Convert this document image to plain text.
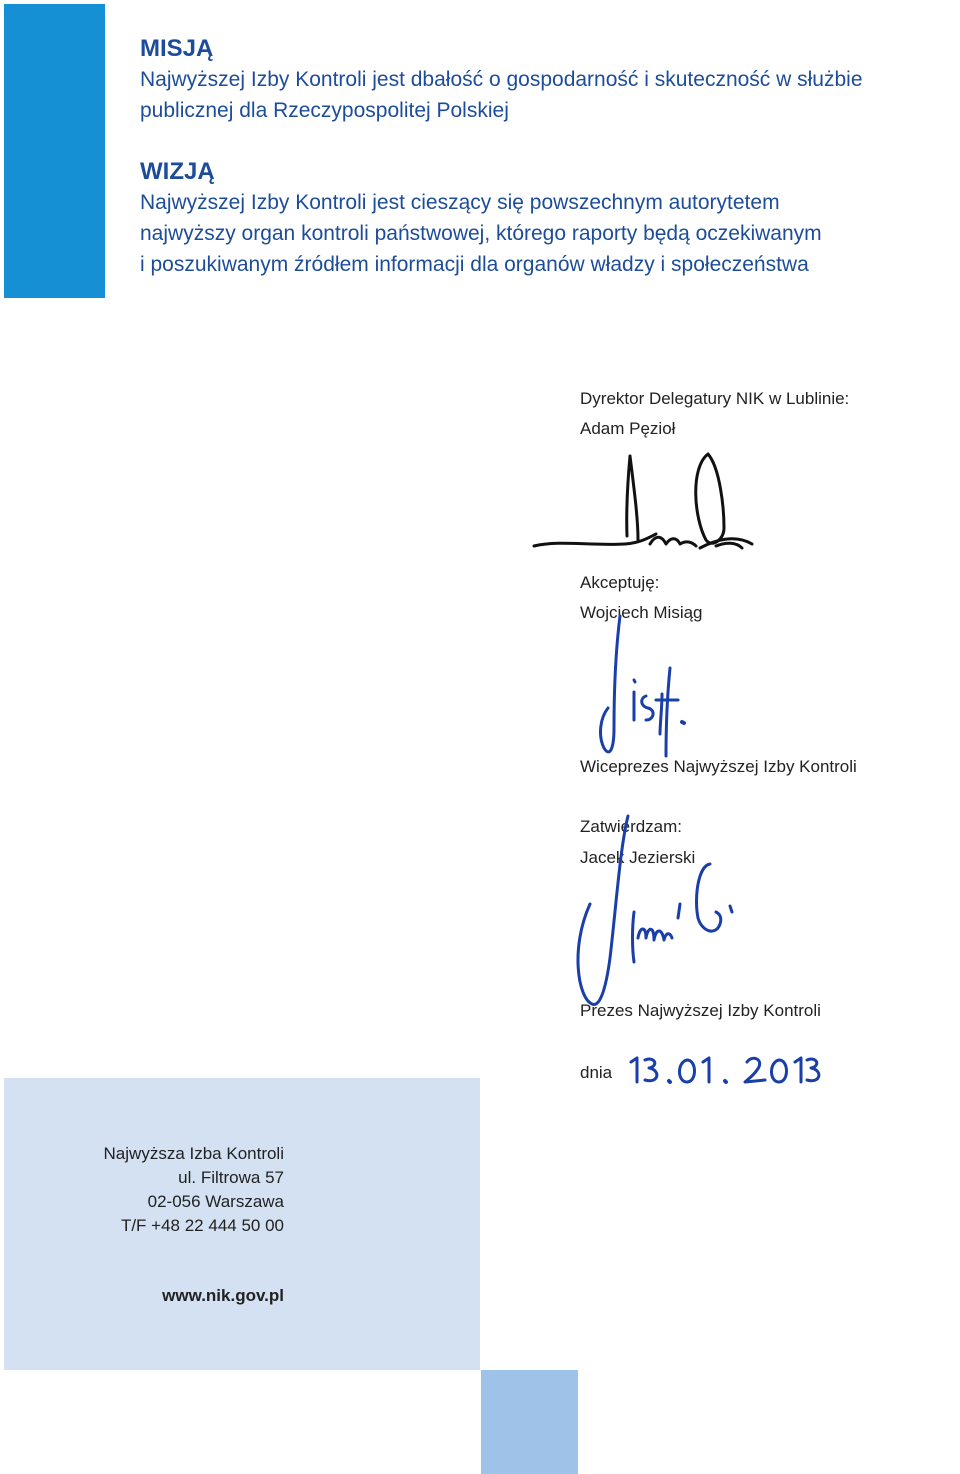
MISJĄ
Najwyższej Izby Kontroli jest dbałość o gospodarność i skuteczność w służbie
publicznej dla Rzeczypospolitej Polskiej
WIZJĄ
Najwyższej Izby Kontroli jest cieszący się powszechnym autorytetem
najwyższy organ kontroli państwowej, którego raporty będą oczekiwanym
i poszukiwanym źródłem informacji dla organów władzy i społeczeństwa
Dyrektor Delegatury NIK w Lublinie:
Adam Pęzioł
Akceptuję:
Wojciech Misiąg
Wiceprezes Najwyższej Izby Kontroli
Zatwierdzam:
Jacek Jezierski
Prezes Najwyższej Izby Kontroli
dnia
Najwyższa Izba Kontroli
ul. Filtrowa 57
02-056 Warszawa
T/F +48 22 444 50 00
www.nik.gov.pl
